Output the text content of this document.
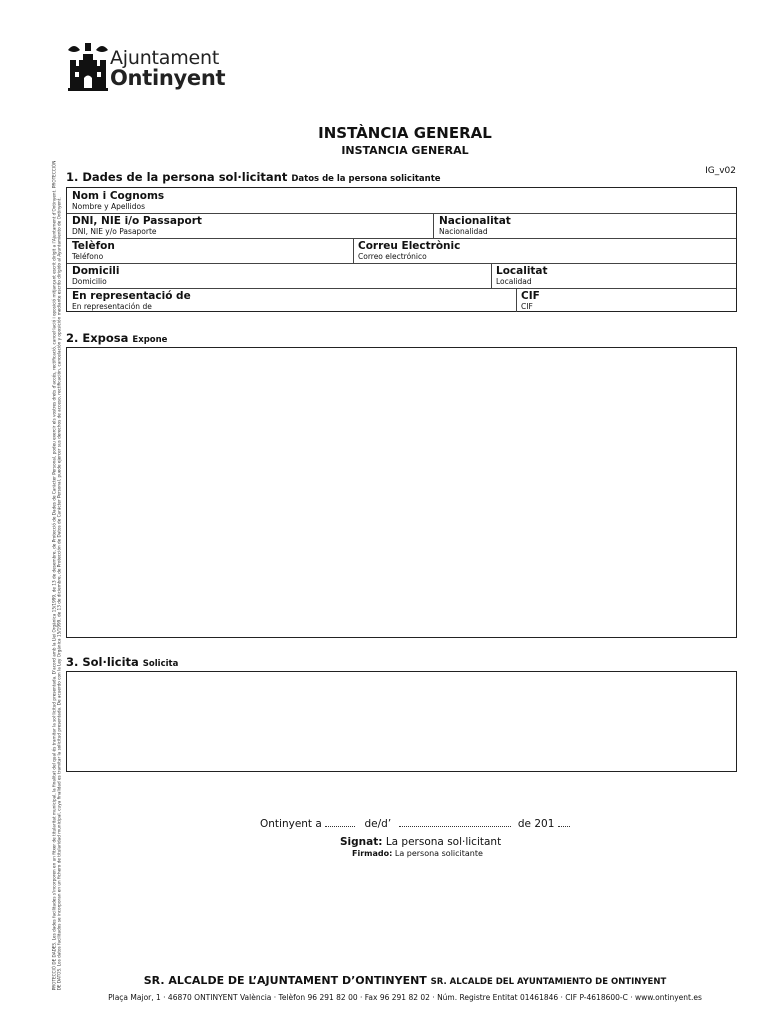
Ajuntament
Ontinyent
INSTÀNCIA GENERAL
INSTANCIA GENERAL
IG_v02
PROTECCIÓ DE DADES. Les dades facilitades s'incorporen en un fitxer de titularitat municipal, la finalitat del qual és tramitar la sol·licitud presentada. D'acord amb la Llei Orgànica 15/1999, de 13 de desembre, de Protecció de Dades de Caràcter Personal, podeu exercir els vostres drets d'accés, rectificació, cancel·lació i oposició mitjançant escrit dirigit a l'Ajuntament d'Ontinyent. PROTECCIÓN DE DATOS. Los datos facilitados se incorporan en un fichero de titularidad municipal, cuya finalidad es tramitar la solicitud presentada. De acuerdo con la Ley Orgánica 15/1999, de 13 de diciembre, de Protección de Datos de Carácter Personal, puede ejercer sus derechos de acceso, rectificación, cancelación y oposición mediante escrito dirigido al Ayuntamiento de Ontinyent.
1. Dades de la persona sol·licitant Datos de la persona solicitante
Nom i Cognoms
Nombre y Apellidos
DNI, NIE i/o Passaport
DNI, NIE y/o Pasaporte
Nacionalitat
Nacionalidad
Telèfon
Teléfono
Correu Electrònic
Correo electrónico
Domicili
Domicilio
Localitat
Localidad
En representació de
En representación de
CIF
CIF
2. Exposa Expone
3. Sol·licita Solicita
Ontinyent a	de/d’	de 201
Signat: La persona sol·licitant
Firmado: La persona solicitante
SR. ALCALDE DE L’AJUNTAMENT D’ONTINYENT SR. ALCALDE DEL AYUNTAMIENTO DE ONTINYENT
Plaça Major, 1 · 46870 ONTINYENT València · Telèfon 96 291 82 00 · Fax 96 291 82 02 · Núm. Registre Entitat 01461846 · CIF P-4618600-C · www.ontinyent.es
